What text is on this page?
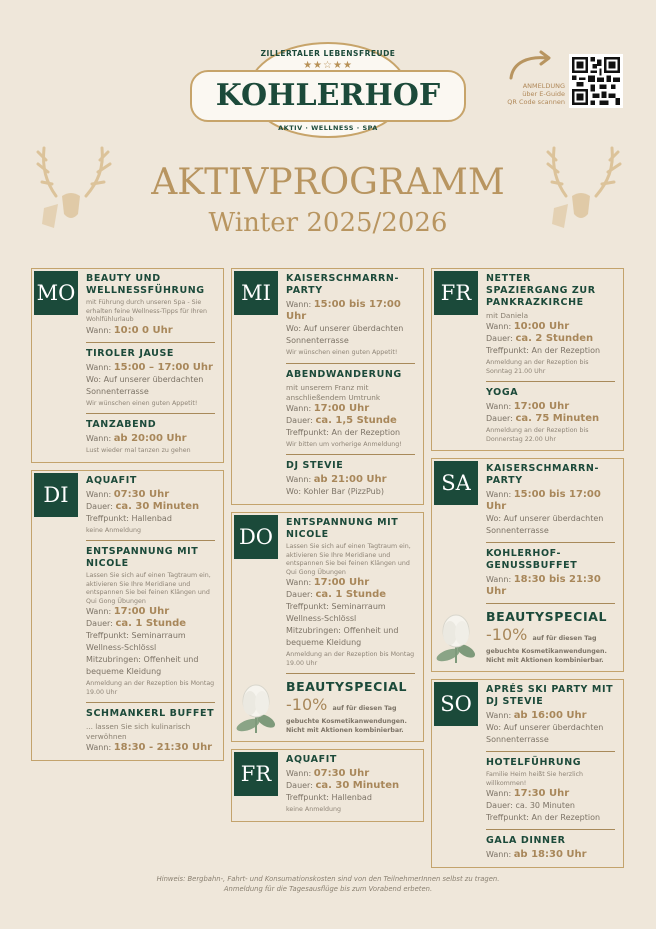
ZILLERTALER LEBENSFREUDE
★★☆★★
KOHLERHOF
AKTIV · WELLNESS · SPA
ANMELDUNG
über E-Guide
QR Code scannen
AKTIVPROGRAMM
Winter 2025/2026
MO
BEAUTY UND WELLNESSFÜHRUNG
mit Führung durch unseren Spa - Sie erhalten feine Wellness-Tipps für Ihren Wohlfühlurlaub
Wann: 10:0 0 Uhr
TIROLER JAUSE
Wann: 15:00 – 17:00 Uhr
Wo: Auf unserer überdachten Sonnenterrasse
Wir wünschen einen guten Appetit!
TANZABEND
Wann: ab 20:00 Uhr
Lust wieder mal tanzen zu gehen
DI
AQUAFIT
Wann: 07:30 Uhr
Dauer: ca. 30 Minuten
Treffpunkt: Hallenbad
keine Anmeldung
ENTSPANNUNG MIT NICOLE
Lassen Sie sich auf einen Tagtraum ein, aktivieren Sie Ihre Meridiane und entspannen Sie bei feinen Klängen und Qui Gong Übungen
Wann: 17:00 Uhr
Dauer: ca. 1 Stunde
Treffpunkt: Seminarraum Wellness-Schlössl
Mitzubringen: Offenheit und bequeme Kleidung
Anmeldung an der Rezeption bis Montag 19.00 Uhr
SCHMANKERL BUFFET
... lassen Sie sich kulinarisch verwöhnen
Wann: 18:30 - 21:30 Uhr
MI
KAISERSCHMARRN-PARTY
Wann: 15:00 bis 17:00 Uhr
Wo: Auf unserer überdachten Sonnenterrasse
Wir wünschen einen guten Appetit!
ABENDWANDERUNG
mit unserem Franz mit anschließendem Umtrunk
Wann: 17:00 Uhr
Dauer: ca. 1,5 Stunde
Treffpunkt: An der Rezeption
Wir bitten um vorherige Anmeldung!
DJ STEVIE
Wann: ab 21:00 Uhr
Wo: Kohler Bar (PizzPub)
DO
ENTSPANNUNG MIT NICOLE
Lassen Sie sich auf einen Tagtraum ein, aktivieren Sie Ihre Meridiane und entspannen Sie bei feinen Klängen und Qui Gong Übungen
Wann: 17:00 Uhr
Dauer: ca. 1 Stunde
Treffpunkt: Seminarraum Wellness-Schlössl
Mitzubringen: Offenheit und bequeme Kleidung
Anmeldung an der Rezeption bis Montag 19.00 Uhr
BEAUTYSPECIAL
-10% auf für diesen Tag
gebuchte Kosmetikanwendungen. Nicht mit Aktionen kombinierbar.
FR
AQUAFIT
Wann: 07:30 Uhr
Dauer: ca. 30 Minuten
Treffpunkt: Hallenbad
keine Anmeldung
FR
NETTER SPAZIERGANG ZUR PANKRAZKIRCHE
mit Daniela
Wann: 10:00 Uhr
Dauer: ca. 2 Stunden
Treffpunkt: An der Rezeption
Anmeldung an der Rezeption bis Sonntag 21.00 Uhr
YOGA
Wann: 17:00 Uhr
Dauer: ca. 75 Minuten
Anmeldung an der Rezeption bis Donnerstag 22.00 Uhr
SA
KAISERSCHMARRN-PARTY
Wann: 15:00 bis 17:00 Uhr
Wo: Auf unserer überdachten Sonnenterrasse
KOHLERHOF-GENUSSBUFFET
Wann: 18:30 bis 21:30 Uhr
BEAUTYSPECIAL
-10% auf für diesen Tag
gebuchte Kosmetikanwendungen. Nicht mit Aktionen kombinierbar.
SO
APRÉS SKI PARTY MIT DJ STEVIE
Wann: ab 16:00 Uhr
Wo: Auf unserer überdachten Sonnenterrasse
HOTELFÜHRUNG
Familie Heim heißt Sie herzlich willkommen!
Wann: 17:30 Uhr
Dauer: ca. 30 Minuten
Treffpunkt: An der Rezeption
GALA DINNER
Wann: ab 18:30 Uhr
Hinweis: Bergbahn-, Fahrt- und Konsumationskosten sind von den TeilnehmerInnen selbst zu tragen.
Anmeldung für die Tagesausflüge bis zum Vorabend erbeten.
